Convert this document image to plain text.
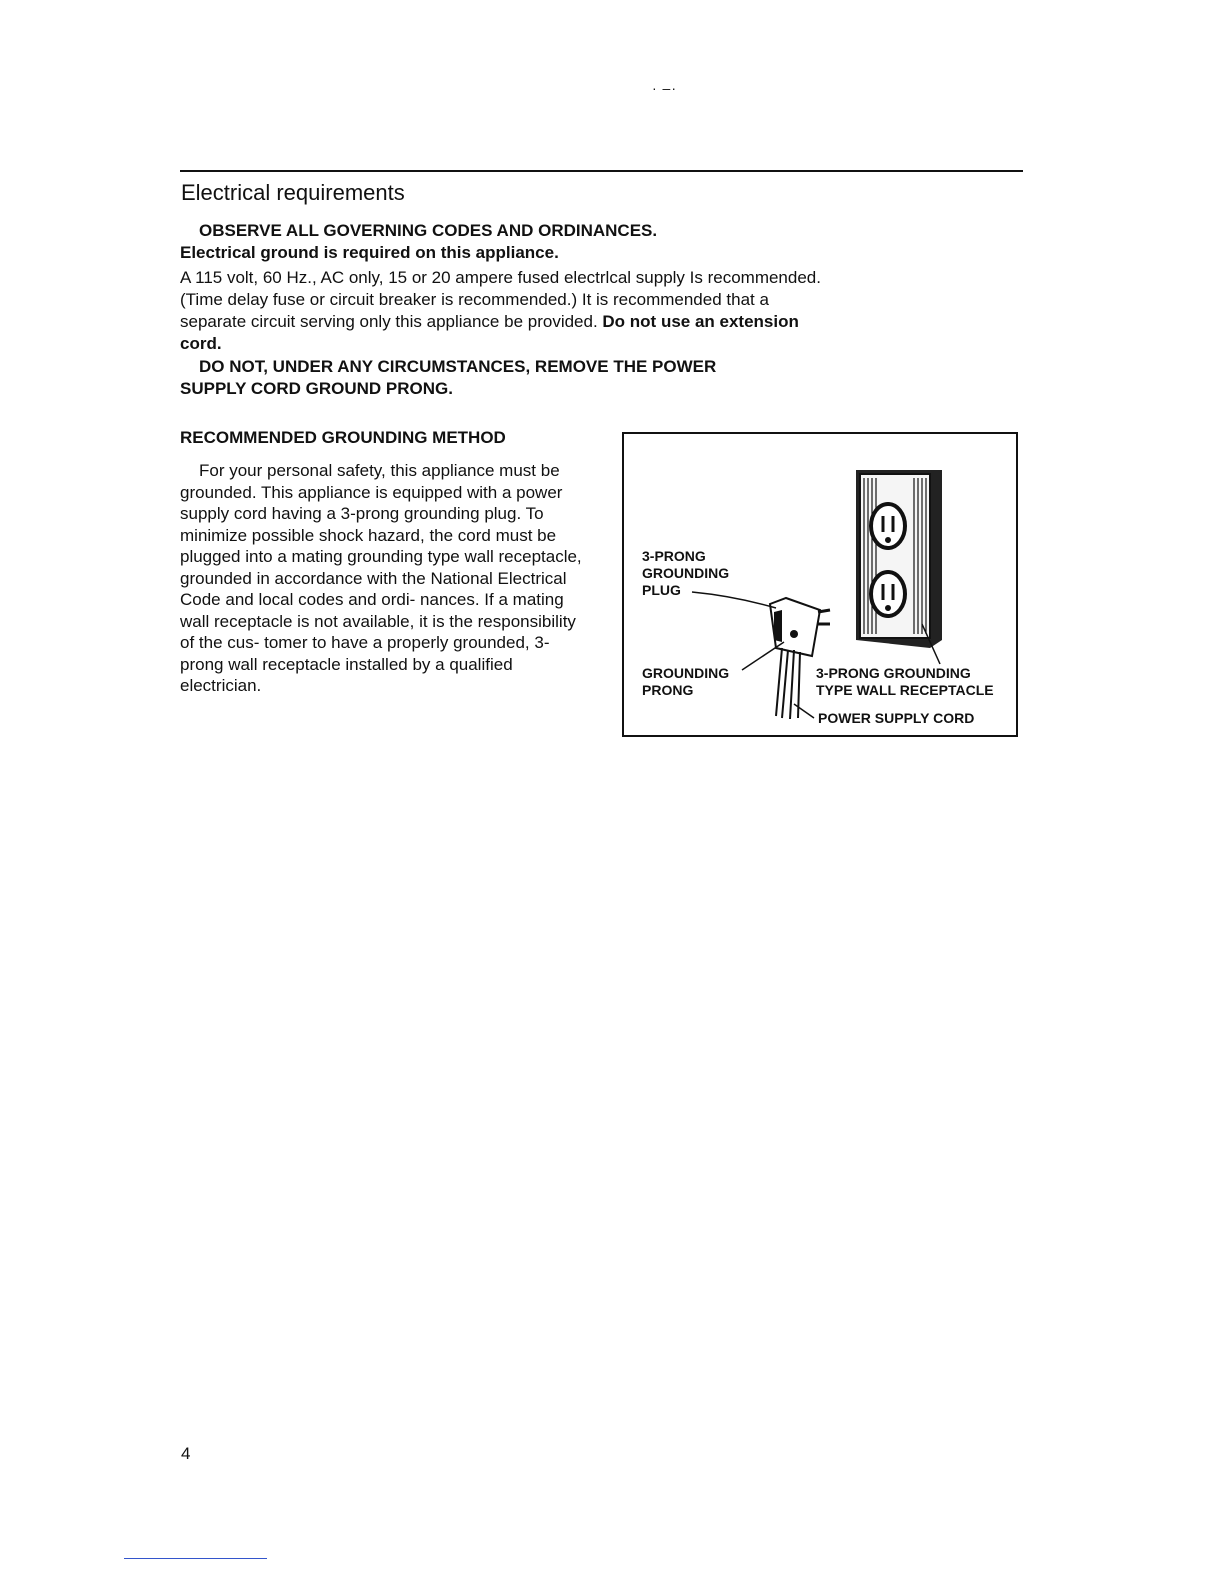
· –·
Electrical requirements

OBSERVE ALL GOVERNING CODES AND ORDINANCES.

Electrical ground is required on this appliance.

A 115 volt, 60 Hz., AC only, 15 or 20 ampere fused electrlcal supply Is recommended. (Time delay fuse or circuit breaker is recommended.) It is recommended that a separate circuit serving only this appliance be provided. Do not use an extension cord.

DO NOT, UNDER ANY CIRCUMSTANCES, REMOVE THE POWER

SUPPLY CORD GROUND PRONG.

RECOMMENDED GROUNDING METHOD

For your personal safety, this appliance must be grounded. This appliance is equipped with a power supply cord having a 3-prong grounding plug. To minimize possible shock hazard, the cord must be plugged into a mating grounding type wall receptacle, grounded in accordance with the National Electrical Code and local codes and ordi- nances. If a mating wall receptacle is not available, it is the responsibility of the cus- tomer to have a properly grounded, 3-prong wall receptacle installed by a qualified electrician.

3-PRONG
GROUNDING
PLUG
GROUNDING
PRONG
3-PRONG GROUNDING
TYPE WALL RECEPTACLE
POWER SUPPLY CORD
4
